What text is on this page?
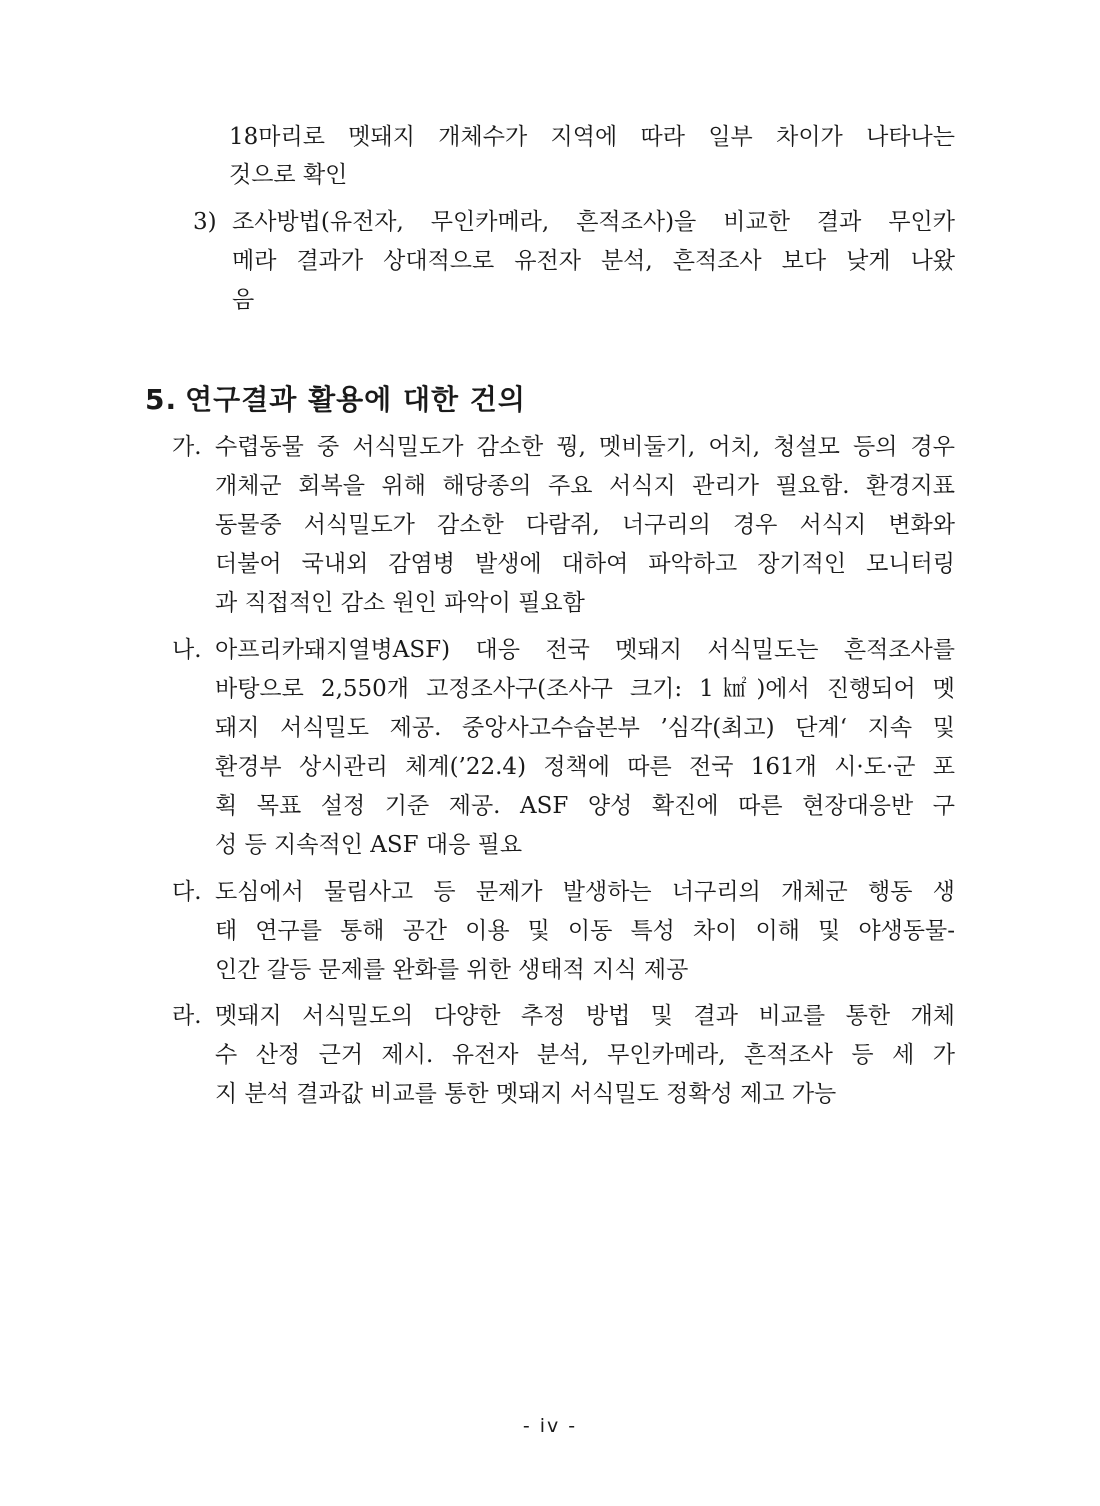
18마리로 멧돼지 개체수가 지역에 따라 일부 차이가 나타나는
것으로 확인
3) 조사방법(유전자, 무인카메라, 흔적조사)을 비교한 결과 무인카
메라 결과가 상대적으로 유전자 분석, 흔적조사 보다 낮게 나왔
음
5. 연구결과 활용에 대한 건의
가. 수렵동물 중 서식밀도가 감소한 꿩, 멧비둘기, 어치, 청설모 등의 경우
개체군 회복을 위해 해당종의 주요 서식지 관리가 필요함. 환경지표
동물중 서식밀도가 감소한 다람쥐, 너구리의 경우 서식지 변화와
더불어 국내외 감염병 발생에 대하여 파악하고 장기적인 모니터링
과 직접적인 감소 원인 파악이 필요함
나. 아프리카돼지열병ASF) 대응 전국 멧돼지 서식밀도는 흔적조사를
바탕으로 2,550개 고정조사구(조사구 크기: 1㎢)에서 진행되어 멧
돼지 서식밀도 제공. 중앙사고수습본부 ’심각(최고) 단계‘ 지속 및
환경부 상시관리 체계(’22.4) 정책에 따른 전국 161개 시·도·군 포
획 목표 설정 기준 제공. ASF 양성 확진에 따른 현장대응반 구
성 등 지속적인 ASF 대응 필요
다. 도심에서 물림사고 등 문제가 발생하는 너구리의 개체군 행동 생
태 연구를 통해 공간 이용 및 이동 특성 차이 이해 및 야생동물-
인간 갈등 문제를 완화를 위한 생태적 지식 제공
라. 멧돼지 서식밀도의 다양한 추정 방법 및 결과 비교를 통한 개체
수 산정 근거 제시. 유전자 분석, 무인카메라, 흔적조사 등 세 가
지 분석 결과값 비교를 통한 멧돼지 서식밀도 정확성 제고 가능
- iv -
